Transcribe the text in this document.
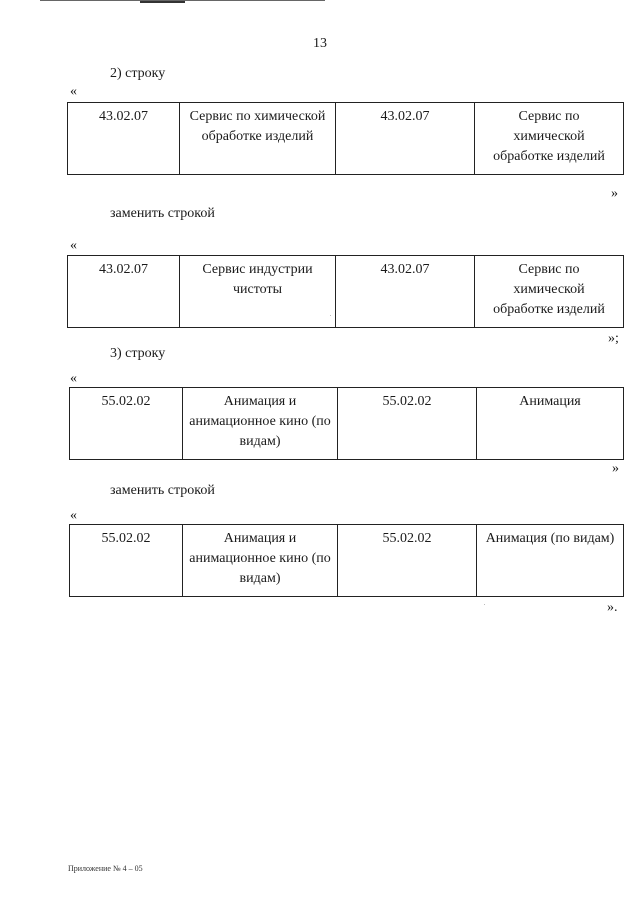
13
2) строку
«
43.02.07	Сервис по химической обработке изделий	43.02.07	Сервис по химической обработке изделий
»
заменить строкой
«
43.02.07	Сервис индустрии чистоты	43.02.07	Сервис по химической обработке изделий
»;
3) строку
«
55.02.02	Анимация и анимационное кино (по видам)	55.02.02	Анимация
»
заменить строкой
«
55.02.02	Анимация и анимационное кино (по видам)	55.02.02	Анимация (по видам)
».
Приложение № 4 – 05
